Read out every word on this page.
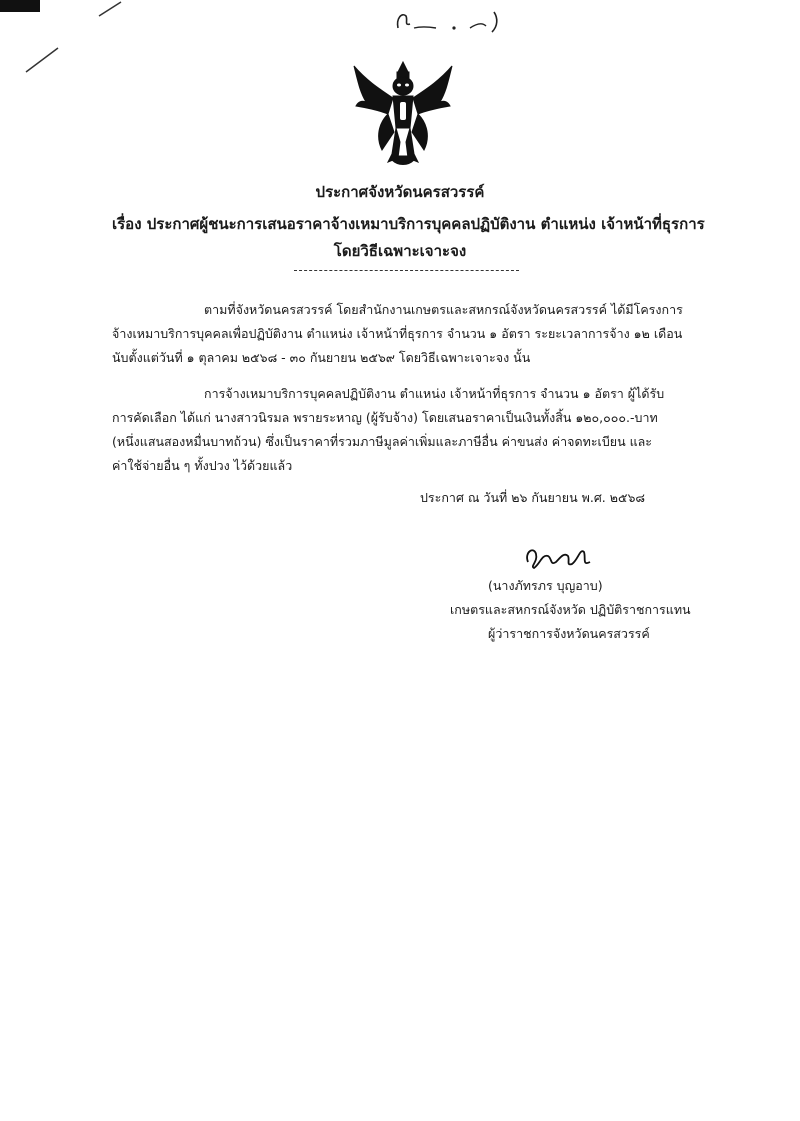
ประกาศจังหวัดนครสวรรค์
เรื่อง ประกาศผู้ชนะการเสนอราคาจ้างเหมาบริการบุคคลปฏิบัติงาน ตำแหน่ง เจ้าหน้าที่ธุรการ
โดยวิธีเฉพาะเจาะจง
ตามที่จังหวัดนครสวรรค์ โดยสำนักงานเกษตรและสหกรณ์จังหวัดนครสวรรค์ ได้มีโครงการ
จ้างเหมาบริการบุคคลเพื่อปฏิบัติงาน ตำแหน่ง เจ้าหน้าที่ธุรการ จำนวน ๑ อัตรา ระยะเวลาการจ้าง ๑๒ เดือน
นับตั้งแต่วันที่ ๑ ตุลาคม ๒๕๖๘ - ๓๐ กันยายน ๒๕๖๙ โดยวิธีเฉพาะเจาะจง นั้น
การจ้างเหมาบริการบุคคลปฏิบัติงาน ตำแหน่ง เจ้าหน้าที่ธุรการ จำนวน ๑ อัตรา ผู้ได้รับ
การคัดเลือก ได้แก่ นางสาวนิรมล พรายระหาญ (ผู้รับจ้าง) โดยเสนอราคาเป็นเงินทั้งสิ้น ๑๒๐,๐๐๐.-บาท
(หนึ่งแสนสองหมื่นบาทถ้วน) ซึ่งเป็นราคาที่รวมภาษีมูลค่าเพิ่มและภาษีอื่น ค่าขนส่ง ค่าจดทะเบียน และ
ค่าใช้จ่ายอื่น ๆ ทั้งปวง ไว้ด้วยแล้ว
ประกาศ ณ วันที่ ๒๖ กันยายน พ.ศ. ๒๕๖๘
(นางภัทรภร บุญอาบ)
เกษตรและสหกรณ์จังหวัด ปฏิบัติราชการแทน
ผู้ว่าราชการจังหวัดนครสวรรค์
